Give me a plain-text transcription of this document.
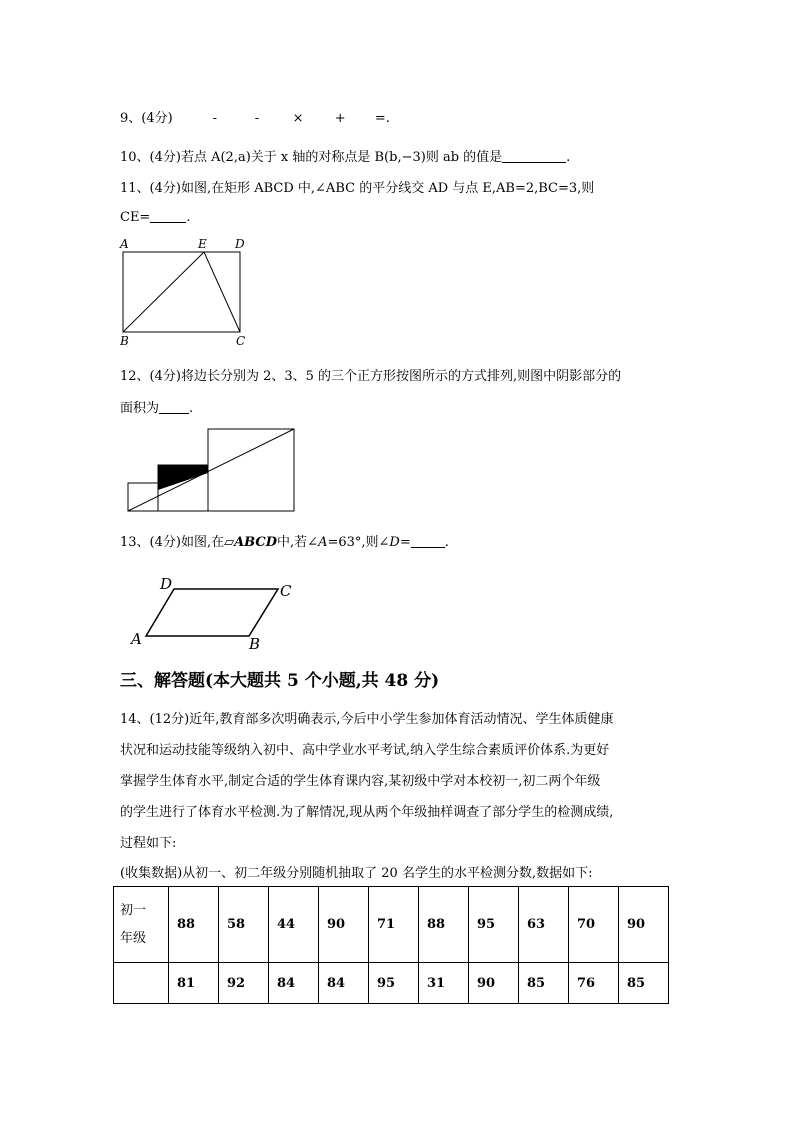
9、(4分)	-	-	× + =.
10、(4分)若点 A(2,a)关于 x 轴的对称点是 B(b,−3)则 ab 的值是	.
11、(4分)如图,在矩形 ABCD 中,∠ABC 的平分线交 AD 与点 E,AB=2,BC=3,则
CE=	.
A	E D
B	C
12、(4分)将边长分别为 2、3、5 的三个正方形按图所示的方式排列,则图中阴影部分的
面积为 .
13、(4分)如图,在▱ABCD中,若∠A=63°,则∠D=	.
D	C
A	B
三、解答题(本大题共 5 个小题,共 48 分)
14、(12分)近年,教育部多次明确表示,今后中小学生参加体育活动情况、学生体质健康
状况和运动技能等级纳入初中、高中学业水平考试,纳入学生综合素质评价体系.为更好
掌握学生体育水平,制定合适的学生体育课内容,某初级中学对本校初一,初二两个年级
的学生进行了体育水平检测.为了解情况,现从两个年级抽样调查了部分学生的检测成绩,
过程如下:
(收集数据)从初一、初二年级分别随机抽取了 20 名学生的水平检测分数,数据如下:
初一
年级	88	58	44	90	71	88	95	63	70	90
	81	92	84	84	95	31	90	85	76	85
